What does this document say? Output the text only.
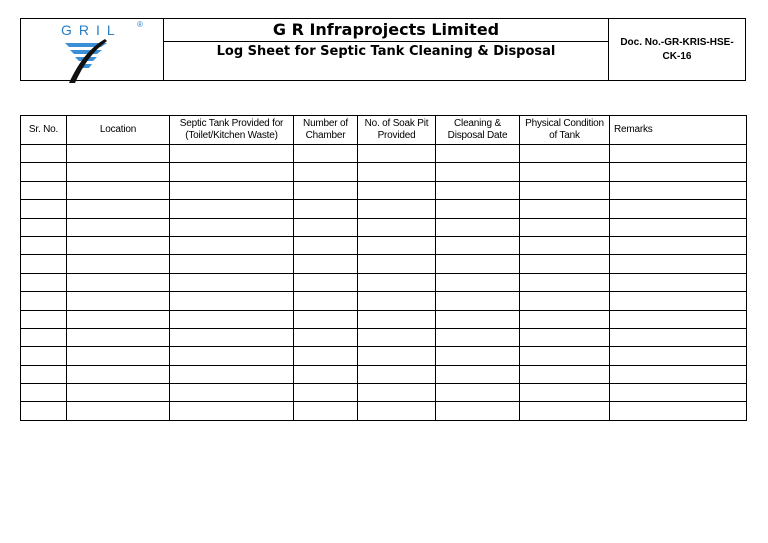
GRIL ®	G R Infraprojects Limited
Log Sheet for Septic Tank Cleaning & Disposal
Doc. No.-GR-KRIS-HSE-CK-16
Sr. No.	Location	Septic Tank Provided for (Toilet/Kitchen Waste)	Number of Chamber	No. of Soak Pit Provided	Cleaning & Disposal Date	Physical Condition of Tank	Remarks
